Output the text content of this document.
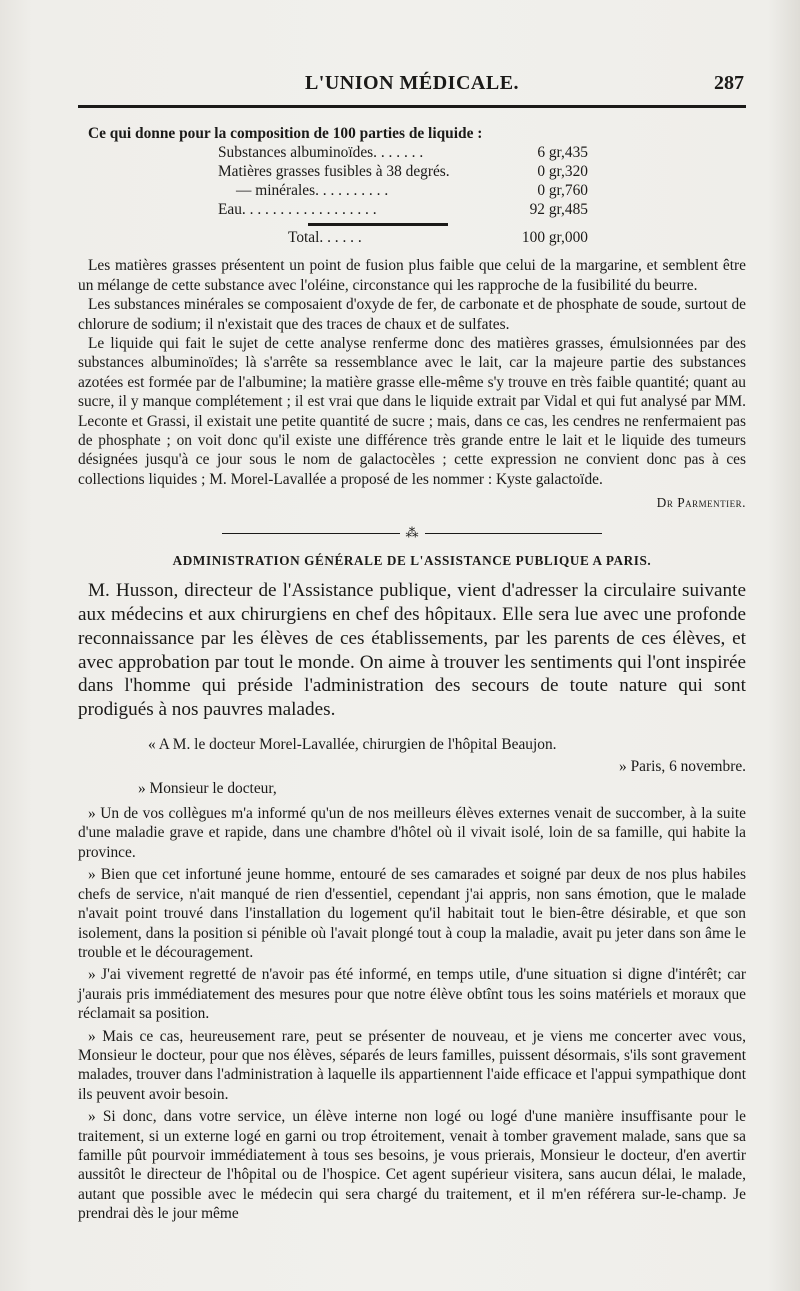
L'UNION MÉDICALE.	287

Ce qui donne pour la composition de 100 parties de liquide :

Substances albuminoïdes. . . . . . .	6 gr,435
Matières grasses fusibles à 38 degrés.	0 gr,320
— minérales. . . . . . . . . .	0 gr,760
Eau. . . . . . . . . . . . . . . . . .	92 gr,485
Total. . . . . .	100 gr,000

Les matières grasses présentent un point de fusion plus faible que celui de la margarine, et semblent être un mélange de cette substance avec l'oléine, circonstance qui les rapproche de la fusibilité du beurre.

Les substances minérales se composaient d'oxyde de fer, de carbonate et de phosphate de soude, surtout de chlorure de sodium; il n'existait que des traces de chaux et de sulfates.

Le liquide qui fait le sujet de cette analyse renferme donc des matières grasses, émulsionnées par des substances albuminoïdes; là s'arrête sa ressemblance avec le lait, car la majeure partie des substances azotées est formée par de l'albumine; la matière grasse elle-même s'y trouve en très faible quantité; quant au sucre, il y manque complétement ; il est vrai que dans le liquide extrait par Vidal et qui fut analysé par MM. Leconte et Grassi, il existait une petite quantité de sucre ; mais, dans ce cas, les cendres ne renfermaient pas de phosphate ; on voit donc qu'il existe une différence très grande entre le lait et le liquide des tumeurs désignées jusqu'à ce jour sous le nom de galactocèles ; cette expression ne convient donc pas à ces collections liquides ; M. Morel-Lavallée a proposé de les nommer : Kyste galactoïde.

Dr Parmentier.
⁂
ADMINISTRATION GÉNÉRALE DE L'ASSISTANCE PUBLIQUE A PARIS.

M. Husson, directeur de l'Assistance publique, vient d'adresser la circulaire suivante aux médecins et aux chirurgiens en chef des hôpitaux. Elle sera lue avec une profonde reconnaissance par les élèves de ces établissements, par les parents de ces élèves, et avec approbation par tout le monde. On aime à trouver les sentiments qui l'ont inspirée dans l'homme qui préside l'administration des secours de toute nature qui sont prodigués à nos pauvres malades.

« A M. le docteur Morel-Lavallée, chirurgien de l'hôpital Beaujon.
» Paris, 6 novembre.
» Monsieur le docteur,

» Un de vos collègues m'a informé qu'un de nos meilleurs élèves externes venait de succomber, à la suite d'une maladie grave et rapide, dans une chambre d'hôtel où il vivait isolé, loin de sa famille, qui habite la province.

» Bien que cet infortuné jeune homme, entouré de ses camarades et soigné par deux de nos plus habiles chefs de service, n'ait manqué de rien d'essentiel, cependant j'ai appris, non sans émotion, que le malade n'avait point trouvé dans l'installation du logement qu'il habitait tout le bien-être désirable, et que son isolement, dans la position si pénible où l'avait plongé tout à coup la maladie, avait pu jeter dans son âme le trouble et le découragement.

» J'ai vivement regretté de n'avoir pas été informé, en temps utile, d'une situation si digne d'intérêt; car j'aurais pris immédiatement des mesures pour que notre élève obtînt tous les soins matériels et moraux que réclamait sa position.

» Mais ce cas, heureusement rare, peut se présenter de nouveau, et je viens me concerter avec vous, Monsieur le docteur, pour que nos élèves, séparés de leurs familles, puissent désormais, s'ils sont gravement malades, trouver dans l'administration à laquelle ils appartiennent l'aide efficace et l'appui sympathique dont ils peuvent avoir besoin.

» Si donc, dans votre service, un élève interne non logé ou logé d'une manière insuffisante pour le traitement, si un externe logé en garni ou trop étroitement, venait à tomber gravement malade, sans que sa famille pût pourvoir immédiatement à tous ses besoins, je vous prierais, Monsieur le docteur, d'en avertir aussitôt le directeur de l'hôpital ou de l'hospice. Cet agent supérieur visitera, sans aucun délai, le malade, autant que possible avec le médecin qui sera chargé du traitement, et il m'en référera sur-le-champ. Je prendrai dès le jour même
